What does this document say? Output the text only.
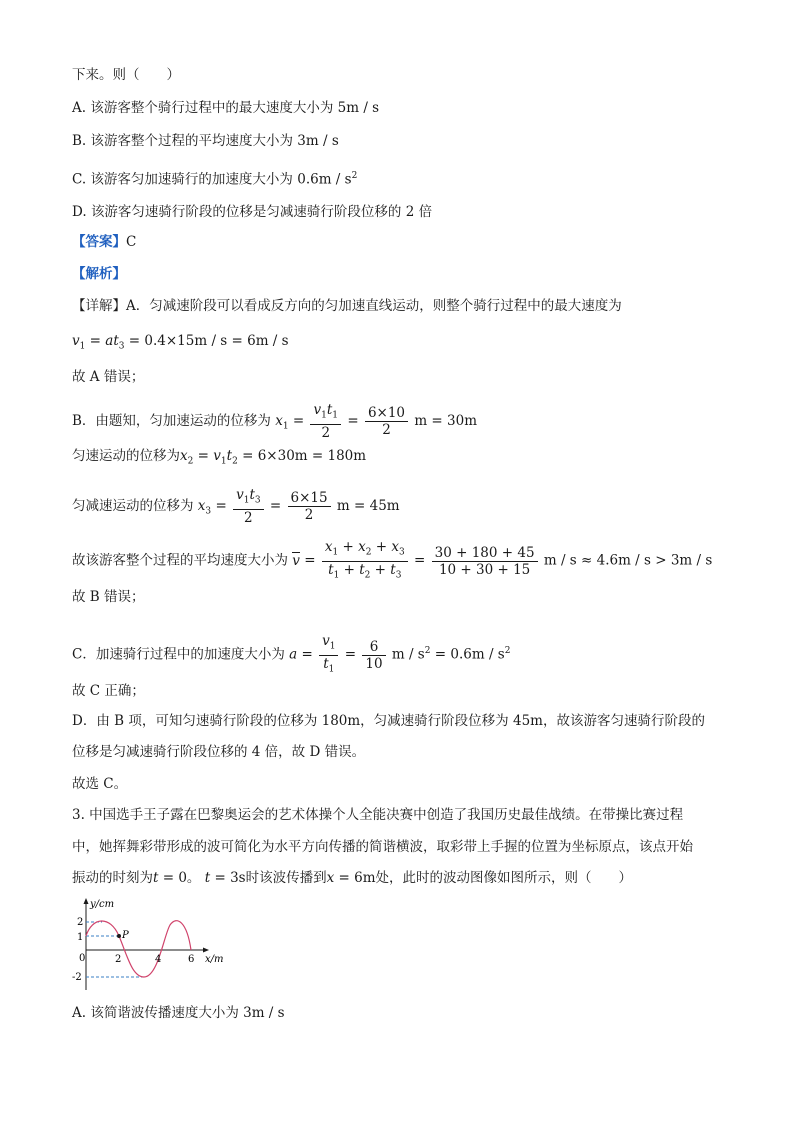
下来。则（　　）
A. 该游客整个骑行过程中的最大速度大小为 5m / s
B. 该游客整个过程的平均速度大小为 3m / s
C. 该游客匀加速骑行的加速度大小为 $0.6m / s^2$
D. 该游客匀速骑行阶段的位移是匀减速骑行阶段位移的 2 倍
【答案】C
【解析】
【详解】A．匀减速阶段可以看成反方向的匀加速直线运动，则整个骑行过程中的最大速度为
$v_1 = at_3 = 0.4\times 15m / s = 6m / s$
故 A 错误；
B．由题知，匀加速运动的位移为 $x_1 = \frac{v_1t_1}{2} = \frac{6\times 10}{2}$ m = 30m
匀速运动的位移为$x_2 = v_1t_2 = 6\times 30m = 180m$
匀减速运动的位移为 $x_3 = \frac{v_1t_3}{2} = \frac{6\times 15}{2}$ m = 45m
故该游客整个过程的平均速度大小为 $v = \frac{x_1 + x_2 + x_3}{t_1 + t_2 + t_3} = \frac{30 + 180 + 45}{10 + 30 + 15}$ m / s ≈ 4.6m / s > 3m / s
故 B 错误；
C．加速骑行过程中的加速度大小为 $a = \frac{v_1}{t_1} = \frac{6}{10}$ $m / s^2 = 0.6m / s^2$
故 C 正确；
D．由 B 项，可知匀速骑行阶段的位移为 180m，匀减速骑行阶段位移为 45m，故该游客匀速骑行阶段的
位移是匀减速骑行阶段位移的 4 倍，故 D 错误。
故选 C。
3. 中国选手王子露在巴黎奥运会的艺术体操个人全能决赛中创造了我国历史最佳战绩。在带操比赛过程
中，她挥舞彩带形成的波可简化为水平方向传播的简谐横波，取彩带上手握的位置为坐标原点，该点开始
振动的时刻为t = 0。 t = 3s时该波传播到x = 6m处，此时的波动图像如图所示，则（　　）
y/cm
x/m
P
2
1
0
-2
2	4	6
A. 该简谐波传播速度大小为 3m / s
